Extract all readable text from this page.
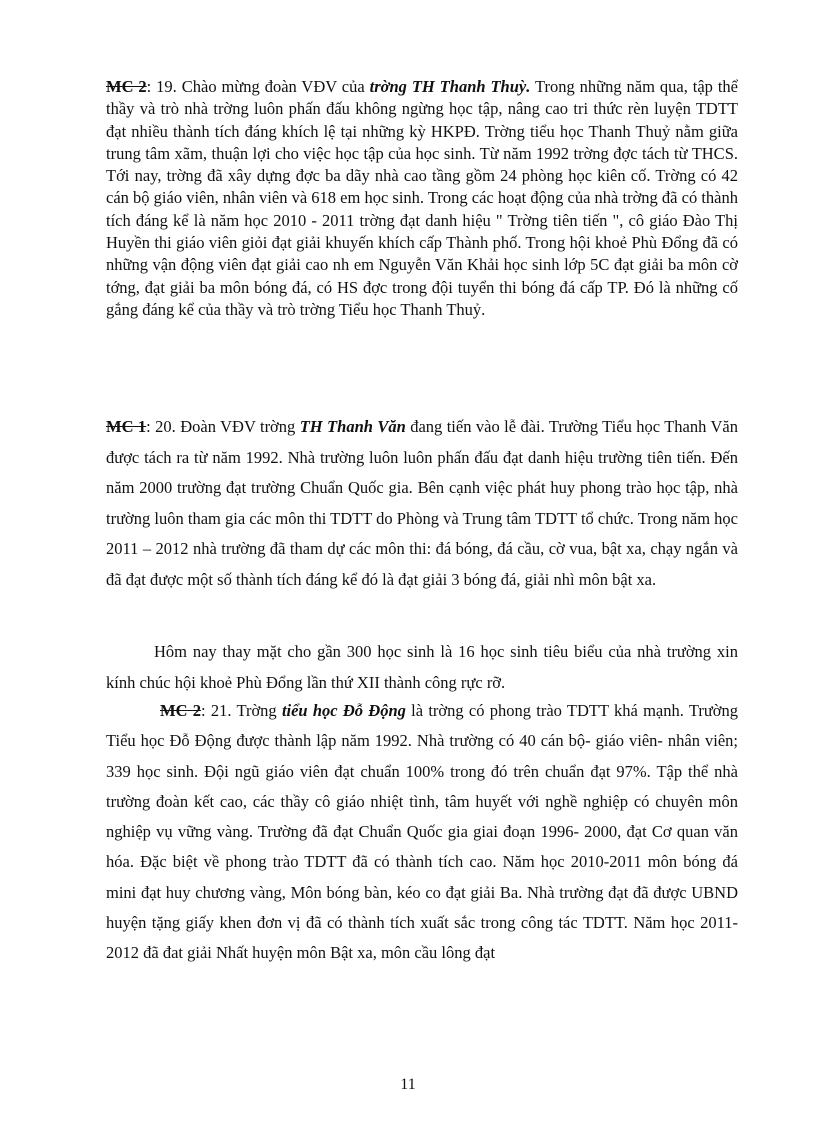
MC 2: 19. Chào mừng đoàn VĐV của trờng TH Thanh Thuỳ. Trong những năm qua, tập thể thầy và trò nhà trờng luôn phấn đấu không ngừng học tập, nâng cao tri thức rèn luyện TDTT đạt nhiều thành tích đáng khích lệ tại những kỳ HKPĐ. Trờng tiểu học Thanh Thuỷ nằm giữa trung tâm xãm, thuận lợi cho việc học tập của học sinh. Từ năm 1992 trờng đợc tách từ THCS. Tới nay, trờng đã xây dựng đợc ba dãy nhà cao tầng gồm 24 phòng học kiên cố. Trờng có 42 cán bộ giáo viên, nhân viên và 618 em học sinh. Trong các hoạt động của nhà trờng đã có thành tích đáng kể là năm học 2010 - 2011 trờng đạt danh hiệu " Trờng tiên tiến ", cô giáo Đào Thị Huyền thi giáo viên giỏi đạt giải khuyến khích cấp Thành phố. Trong hội khoẻ Phù Đổng đã có những vận động viên đạt giải cao nh em Nguyễn Văn Khải học sinh lớp 5C đạt giải ba môn cờ tớng, đạt giải ba môn bóng đá, có HS đợc trong đội tuyển thi bóng đá cấp TP. Đó là những cố gắng đáng kể của thầy và trò trờng Tiểu học Thanh Thuỷ.

MC 1: 20. Đoàn VĐV trờng TH Thanh Văn đang tiến vào lễ đài. Trường Tiểu học Thanh Văn được tách ra từ năm 1992. Nhà trường luôn luôn phấn đấu đạt danh hiệu trường tiên tiến. Đến năm 2000 trường đạt trường Chuẩn Quốc gia. Bên cạnh việc phát huy phong trào học tập, nhà trường luôn tham gia các môn thi TDTT do Phòng và Trung tâm TDTT tổ chức. Trong năm học 2011 – 2012 nhà trường đã tham dự các môn thi: đá bóng, đá cầu, cờ vua, bật xa, chạy ngắn và đã đạt được một số thành tích đáng kể đó là đạt giải 3 bóng đá, giải nhì môn bật xa.

Hôm nay thay mặt cho gần 300 học sinh là 16 học sinh tiêu biểu của nhà trường xin kính chúc hội khoẻ Phù Đổng lần thứ XII thành công rực rỡ.

MC 2: 21. Trờng tiểu học Đỗ Động là trờng có phong trào TDTT khá mạnh. Trường Tiểu học Đỗ Động được thành lập năm 1992. Nhà trường có 40 cán bộ- giáo viên- nhân viên; 339 học sinh. Đội ngũ giáo viên đạt chuẩn 100% trong đó trên chuẩn đạt 97%. Tập thể nhà trường đoàn kết cao, các thầy cô giáo nhiệt tình, tâm huyết với nghề nghiệp có chuyên môn nghiệp vụ vững vàng. Trường đã đạt Chuẩn Quốc gia giai đoạn 1996- 2000, đạt Cơ quan văn hóa. Đặc biệt về phong trào TDTT đã có thành tích cao. Năm học 2010-2011 môn bóng đá mini đạt huy chương vàng, Môn bóng bàn, kéo co đạt giải Ba. Nhà trường đạt đã được UBND huyện tặng giấy khen đơn vị đã có thành tích xuất sắc trong công tác TDTT. Năm học 2011-2012 đã đat giải Nhất huyện môn Bật xa, môn cầu lông đạt

11
